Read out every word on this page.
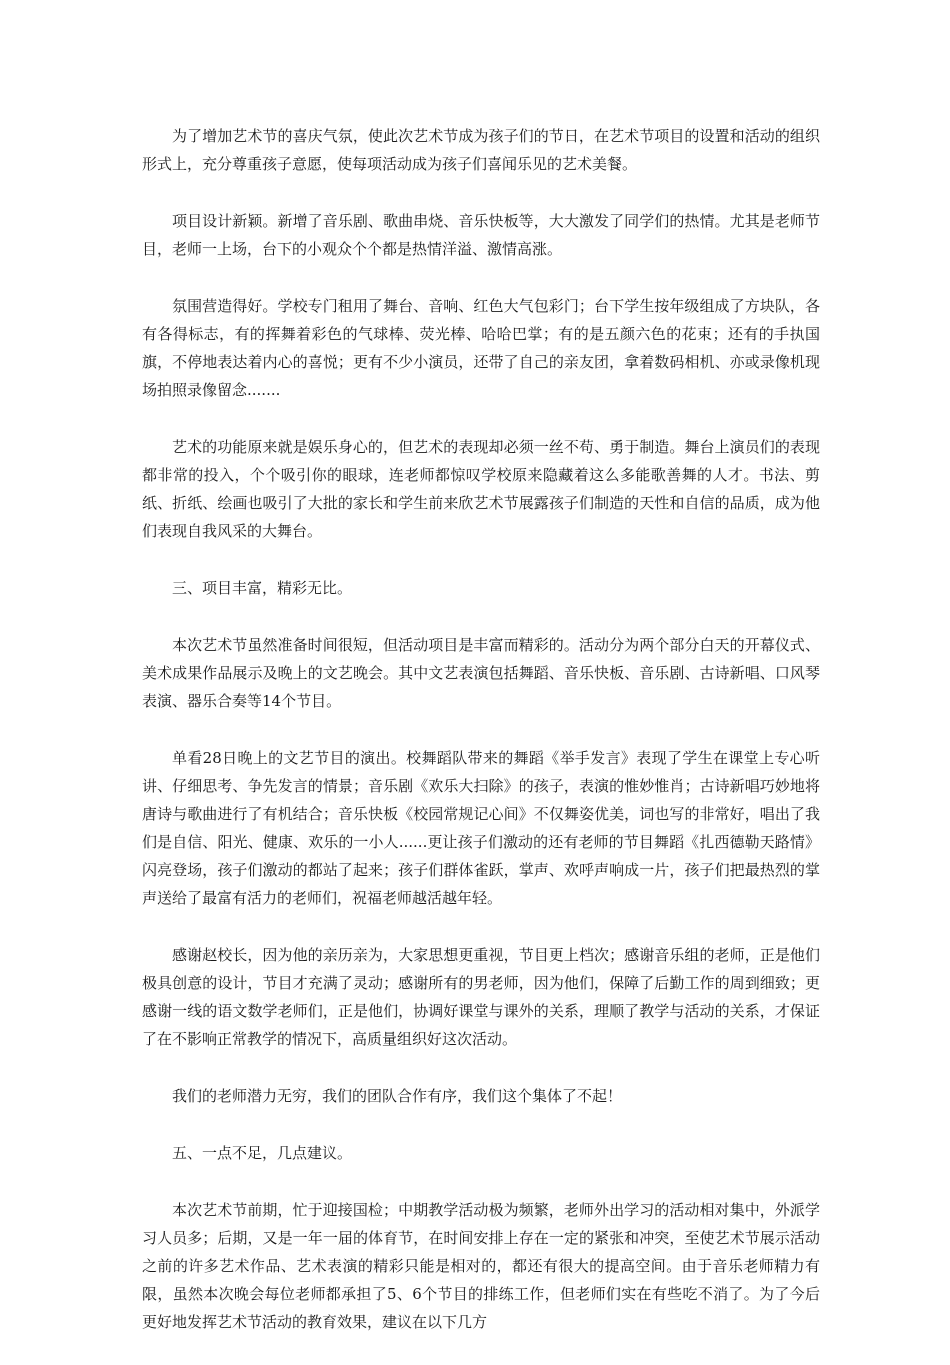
为了增加艺术节的喜庆气氛，使此次艺术节成为孩子们的节日，在艺术节项目的设置和活动的组织形式上，充分尊重孩子意愿，使每项活动成为孩子们喜闻乐见的艺术美餐。

项目设计新颖。新增了音乐剧、歌曲串烧、音乐快板等，大大激发了同学们的热情。尤其是老师节目，老师一上场，台下的小观众个个都是热情洋溢、激情高涨。

氛围营造得好。学校专门租用了舞台、音响、红色大气包彩门；台下学生按年级组成了方块队，各有各得标志，有的挥舞着彩色的气球棒、荧光棒、哈哈巴掌；有的是五颜六色的花束；还有的手执国旗，不停地表达着内心的喜悦；更有不少小演员，还带了自己的亲友团，拿着数码相机、亦或录像机现场拍照录像留念.......

艺术的功能原来就是娱乐身心的，但艺术的表现却必须一丝不苟、勇于制造。舞台上演员们的表现都非常的投入，个个吸引你的眼球，连老师都惊叹学校原来隐藏着这么多能歌善舞的人才。书法、剪纸、折纸、绘画也吸引了大批的家长和学生前来欣艺术节展露孩子们制造的天性和自信的品质，成为他们表现自我风采的大舞台。

三、项目丰富，精彩无比。

本次艺术节虽然准备时间很短，但活动项目是丰富而精彩的。活动分为两个部分白天的开幕仪式、美术成果作品展示及晚上的文艺晚会。其中文艺表演包括舞蹈、音乐快板、音乐剧、古诗新唱、口风琴表演、器乐合奏等14个节目。

单看28日晚上的文艺节目的演出。校舞蹈队带来的舞蹈《举手发言》表现了学生在课堂上专心听讲、仔细思考、争先发言的情景；音乐剧《欢乐大扫除》的孩子，表演的惟妙惟肖；古诗新唱巧妙地将唐诗与歌曲进行了有机结合；音乐快板《校园常规记心间》不仅舞姿优美，词也写的非常好，唱出了我们是自信、阳光、健康、欢乐的一小人......更让孩子们激动的还有老师的节目舞蹈《扎西德勒天路情》闪亮登场，孩子们激动的都站了起来；孩子们群体雀跃，掌声、欢呼声响成一片，孩子们把最热烈的掌声送给了最富有活力的老师们，祝福老师越活越年轻。

感谢赵校长，因为他的亲历亲为，大家思想更重视，节目更上档次；感谢音乐组的老师，正是他们极具创意的设计，节目才充满了灵动；感谢所有的男老师，因为他们，保障了后勤工作的周到细致；更感谢一线的语文数学老师们，正是他们，协调好课堂与课外的关系，理顺了教学与活动的关系，才保证了在不影响正常教学的情况下，高质量组织好这次活动。

我们的老师潜力无穷，我们的团队合作有序，我们这个集体了不起！

五、一点不足，几点建议。

本次艺术节前期，忙于迎接国检；中期教学活动极为频繁，老师外出学习的活动相对集中，外派学习人员多；后期，又是一年一届的体育节，在时间安排上存在一定的紧张和冲突，至使艺术节展示活动之前的许多艺术作品、艺术表演的精彩只能是相对的，都还有很大的提高空间。由于音乐老师精力有限，虽然本次晚会每位老师都承担了5、6个节目的排练工作，但老师们实在有些吃不消了。为了今后更好地发挥艺术节活动的教育效果，建议在以下几方
